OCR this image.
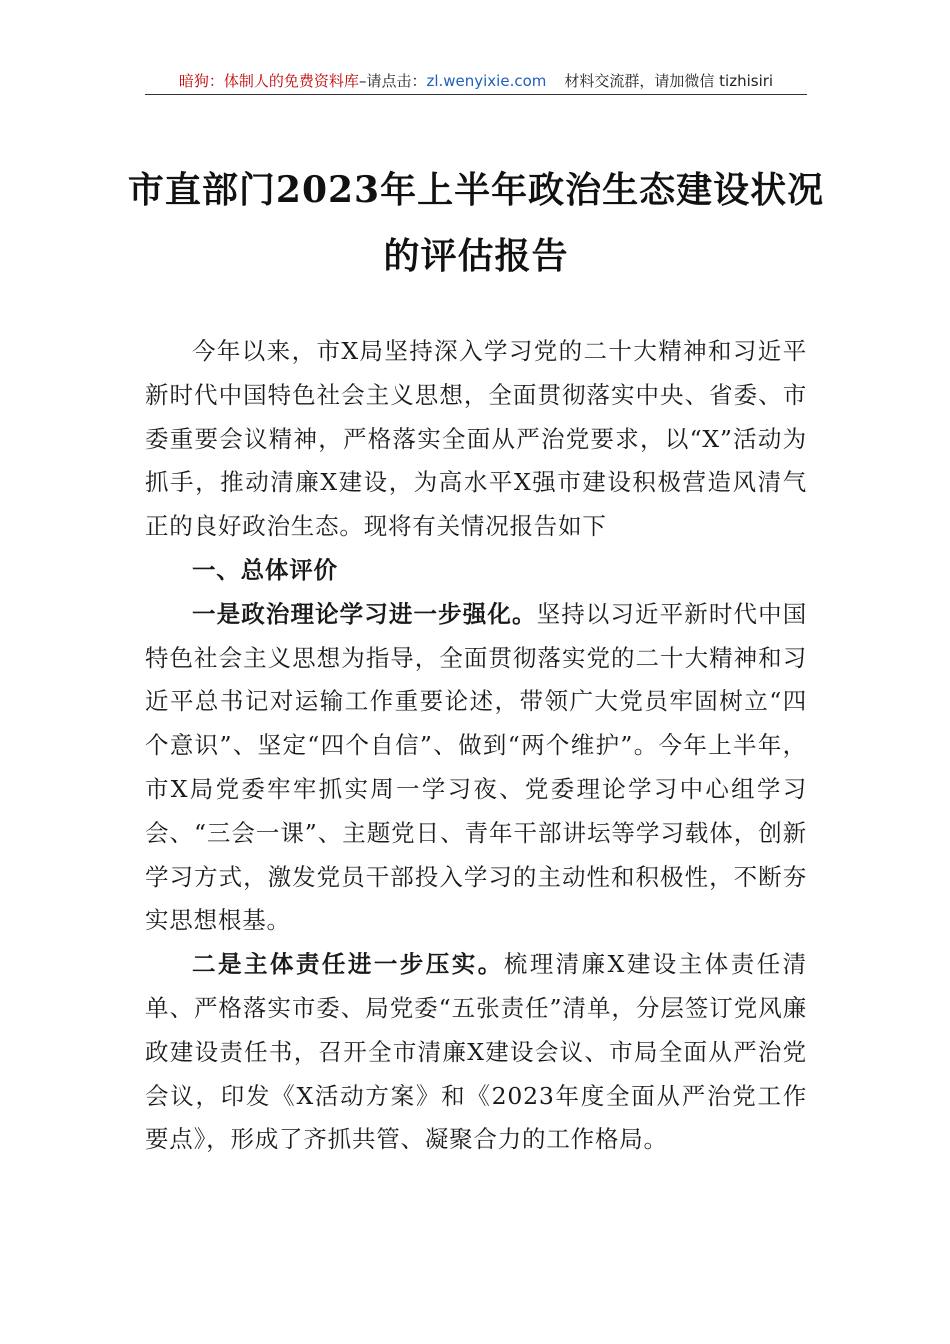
暗狗：体制人的免费资料库 –请点击： zl.wenyixie.com 材料交流群，请加微信 tizhisiri
市直部门2023年上半年政治生态建设状况
的评估报告

今年以来，市X局坚持深入学习党的二十大精神和习近平新时代中国特色社会主义思想，全面贯彻落实中央、省委、市委重要会议精神，严格落实全面从严治党要求，以“X”活动为抓手，推动清廉X建设，为高水平X强市建设积极营造风清气正的良好政治生态。现将有关情况报告如下

一、总体评价

一是政治理论学习进一步强化。坚持以习近平新时代中国特色社会主义思想为指导，全面贯彻落实党的二十大精神和习近平总书记对运输工作重要论述，带领广大党员牢固树立“四个意识”、坚定“四个自信”、做到“两个维护”。今年上半年，市X局党委牢牢抓实周一学习夜、党委理论学习中心组学习会、“三会一课”、主题党日、青年干部讲坛等学习载体，创新学习方式，激发党员干部投入学习的主动性和积极性，不断夯实思想根基。

二是主体责任进一步压实。梳理清廉X建设主体责任清单、严格落实市委、局党委“五张责任”清单，分层签订党风廉政建设责任书，召开全市清廉X建设会议、市局全面从严治党会议，印发《X活动方案》和《2023年度全面从严治党工作要点》，形成了齐抓共管、凝聚合力的工作格局。
